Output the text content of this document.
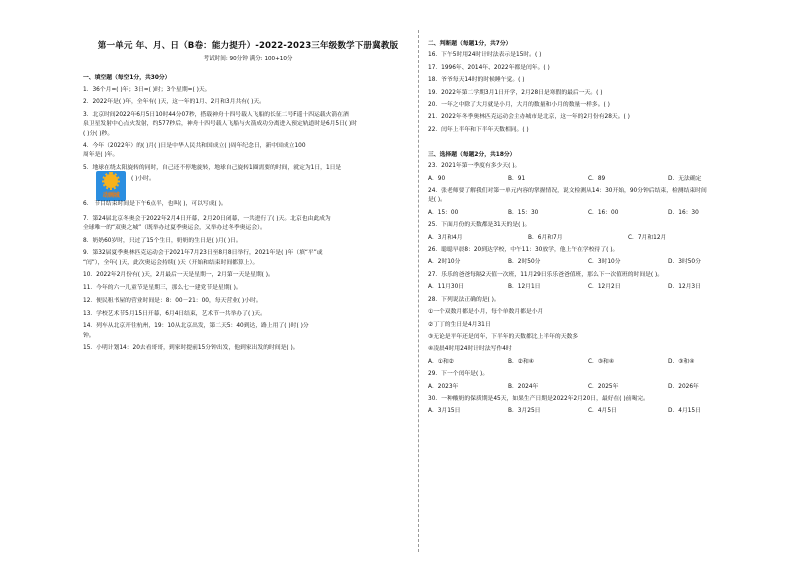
第一单元 年、月、日（B卷：能力提升）-2022-2023三年级数学下册冀教版
考试时间: 90分钟 满分: 100+10分
一、填空题（每空1分，共30分）
1．36个月=( )年；3日=( )时；3个星期=( )天。
2．2022年是( )年，全年有( )天，这一年的1月、2月和3月共有( )天。
3．北京时间2022年6月5日10时44分07秒，搭载神舟十四号载人飞船的长征二号F遥十四运载火箭在酒
泉卫星发射中心点火发射，约577秒后，神舟十四号载人飞船与火箭成功分离进入预定轨道时是6月5日( )时
( )分( )秒。
4．今年（2022年）的( )月( )日是中华人民共和国成立( )周年纪念日，新中国成立100
周年是( )年。
5．地球在绕太阳旋转的同时，自己还不停地旋转，地球自己旋转1圈需要的时间，就定为1日，1日是
动画城
( )小时。
6． 节目结束时间是下午6点半，也叫( )，可以写成( )。
7．第24届北京冬奥会于2022年2月4日开幕，2月20日闭幕，一共进行了( )天。北京也由此成为
全球唯一的“双奥之城”（既举办过夏季奥运会，又举办过冬季奥运会）。
8．奶奶60岁时，只过了15个生日，奶奶的生日是( )月( )日。
9．第32届夏季奥林匹克运动会于2021年7月23日至8月8日举行，2021年是( )年（填“平”或
“闰”），全年( )天，此次奥运会持续( )天（开始和结束时间都算上）。
10．2022年2月份有( )天，2月最后一天是星期一，2月第一天是星期( )。
11．今年的六一儿童节是星期三，那么七一建党节是星期( )。
12．便民租书屋的营业时间是：8：00－21：00，每天营业( )小时。
13．学校艺术节5月15日开幕，6月4日结束，艺术节一共举办了( )天。
14．列车从北京开往杭州，19：10从北京出发，第二天5：40到达，路上用了( )时( )分
钟。
15．小明计划14：20去看哥哥，到家时提前15分钟出发，他到家出发的时间是( )。
二、判断题（每题1分，共7分）
16．下午5时用24时计时法表示是15时。( )
17．1996年、2014年、2022年都是闰年。( )
18．爷爷每天14时的时候睡午觉。( )
19．2022年第二学期3月1日开学，2月28日是寒假的最后一天。( )
20．一年之中除了大月就是小月，大月的数量和小月的数量一样多。( )
21．2022年冬季奥林匹克运动会主办城市是北京，这一年的2月份有28天。( )
22．闰年上半年和下半年天数相同。( )
三、选择题（每题2分，共18分）
23．2021年第一季度有多少天( )。
A．90	B．91	C．89	D．无法确定
24．张老师要了解我们对第一单元内容的掌握情况，说文检测从14：30开始，90分钟后结束，检测结束时间
是( )。
A．15：00	B．15：30	C．16：00	D．16：30
25．下面月份的天数都是31天的是( )。
A．3月和4月	B．6月和7月	C．7月和12月
26．聪聪早晨8：20到达学校，中午11：30放学，他上午在学校待了( )。
A．2时10分	B．2时50分	C．3时10分	D．3时50分
27．乐乐的爸爸每隔2天值一次班，11月29日乐乐爸爸值班，那么下一次值班的时间是( )。
A．11月30日	B．12月1日	C．12月2日	D．12月3日
28．下列说法正确的是( )。
①一个双数月都是小月，每个单数月都是小月
②丁丁的生日是4月31日
③无论是平年还是闰年，下半年的天数都比上半年的天数多
④凌晨4时用24时计时法写作4时
A．①和②	B．②和④	C．③和④	D．③和④
29．下一个闰年是( )。
A．2023年	B．2024年	C．2025年	D．2026年
30．一种酸奶的保质期是45天，如果生产日期是2022年2月20日，最好在( )前喝完。
A．3月15日	B．3月25日	C．4月5日	D．4月15日
